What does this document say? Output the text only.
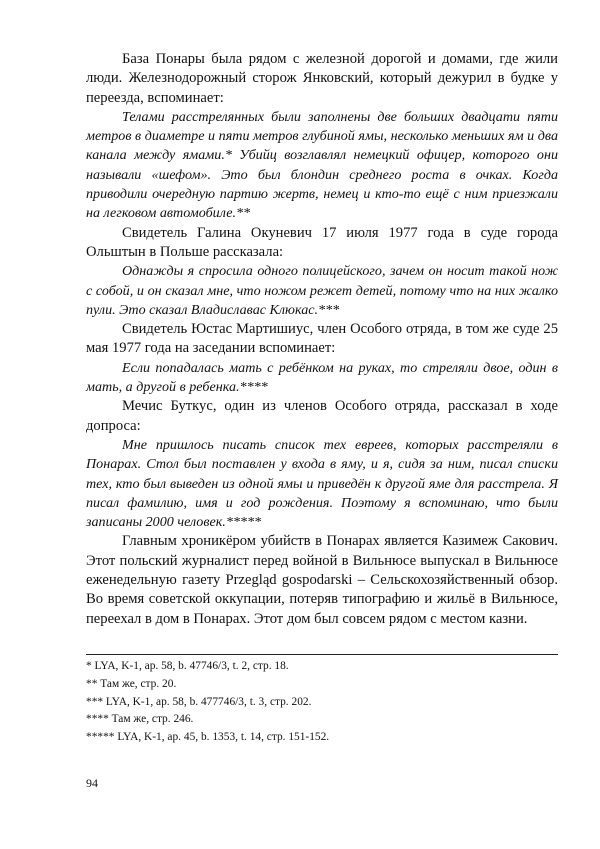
База Понары была рядом с железной дорогой и домами, где жили люди. Железнодорожный сторож Янковский, который дежурил в будке у переезда, вспоминает:

Телами расстрелянных были заполнены две больших двадцати пяти метров в диаметре и пяти метров глубиной ямы, несколько меньших ям и два канала между ямами.* Убийц возглавлял немецкий офицер, которого они называли «шефом». Это был блондин среднего роста в очках. Когда приводили очередную партию жертв, немец и кто-то ещё с ним приезжали на легковом автомобиле.**

Свидетель Галина Окуневич 17 июля 1977 года в суде города Ольштын в Польше рассказала:

Однажды я спросила одного полицейского, зачем он носит такой нож с собой, и он сказал мне, что ножом режет детей, потому что на них жалко пули. Это сказал Владиславас Клюкас.***

Свидетель Юстас Мартишиус, член Особого отряда, в том же суде 25 мая 1977 года на заседании вспоминает:

Если попадалась мать с ребёнком на руках, то стреляли двое, один в мать, а другой в ребенка.****

Мечис Буткус, один из членов Особого отряда, рассказал в ходе допроса:

Мне пришлось писать список тех евреев, которых расстреляли в Понарах. Стол был поставлен у входа в яму, и я, сидя за ним, писал списки тех, кто был выведен из одной ямы и приведён к другой яме для расстрела. Я писал фамилию, имя и год рождения. Поэтому я вспоминаю, что были записаны 2000 человек.*****

Главным хроникёром убийств в Понарах является Казимеж Сакович. Этот польский журналист перед войной в Вильнюсе выпускал в Вильнюсе еженедельную газету Przegląd gospodarski – Сельскохозяйственный обзор. Во время советской оккупации, потеряв типографию и жильё в Вильнюсе, переехал в дом в Понарах. Этот дом был совсем рядом с местом казни.

* LYA, K-1, ap. 58, b. 47746/3, t. 2, стр. 18.
** Там же, стр. 20.
*** LYA, K-1, ap. 58, b. 477746/3, t. 3, стр. 202.
**** Там же, стр. 246.
***** LYA, K-1, ap. 45, b. 1353, t. 14, стр. 151-152.
94
